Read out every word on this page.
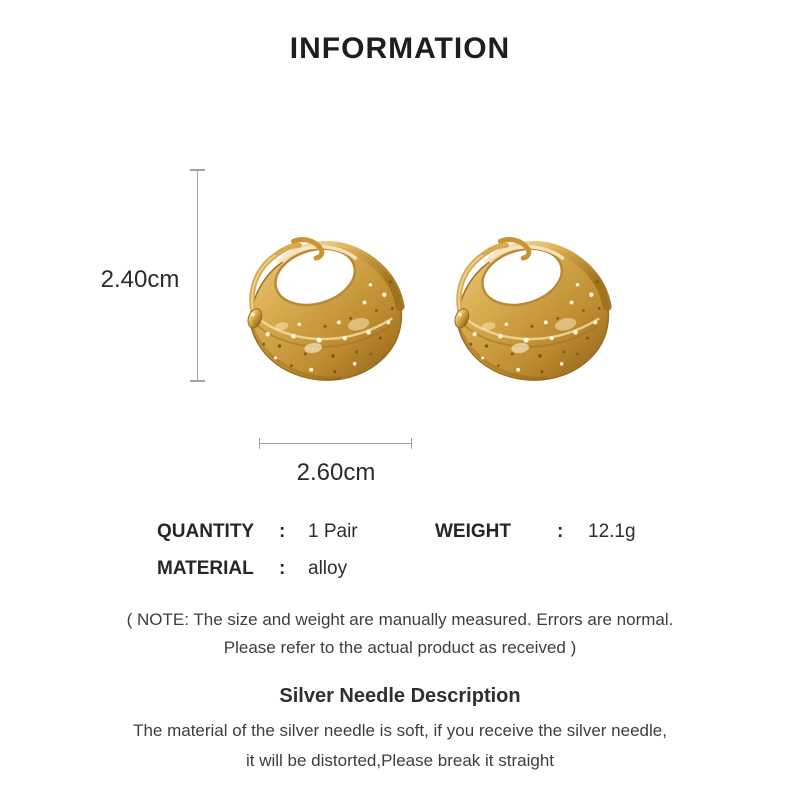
INFORMATION
2.40cm
2.60cm
QUANTITY : 1 Pair	WEIGHT : 12.1g
MATERIAL : alloy
( NOTE: The size and weight are manually measured. Errors are normal.
Please refer to the actual product as received )
Silver Needle Description
The material of the silver needle is soft, if you receive the silver needle,
it will be distorted,Please break it straight
